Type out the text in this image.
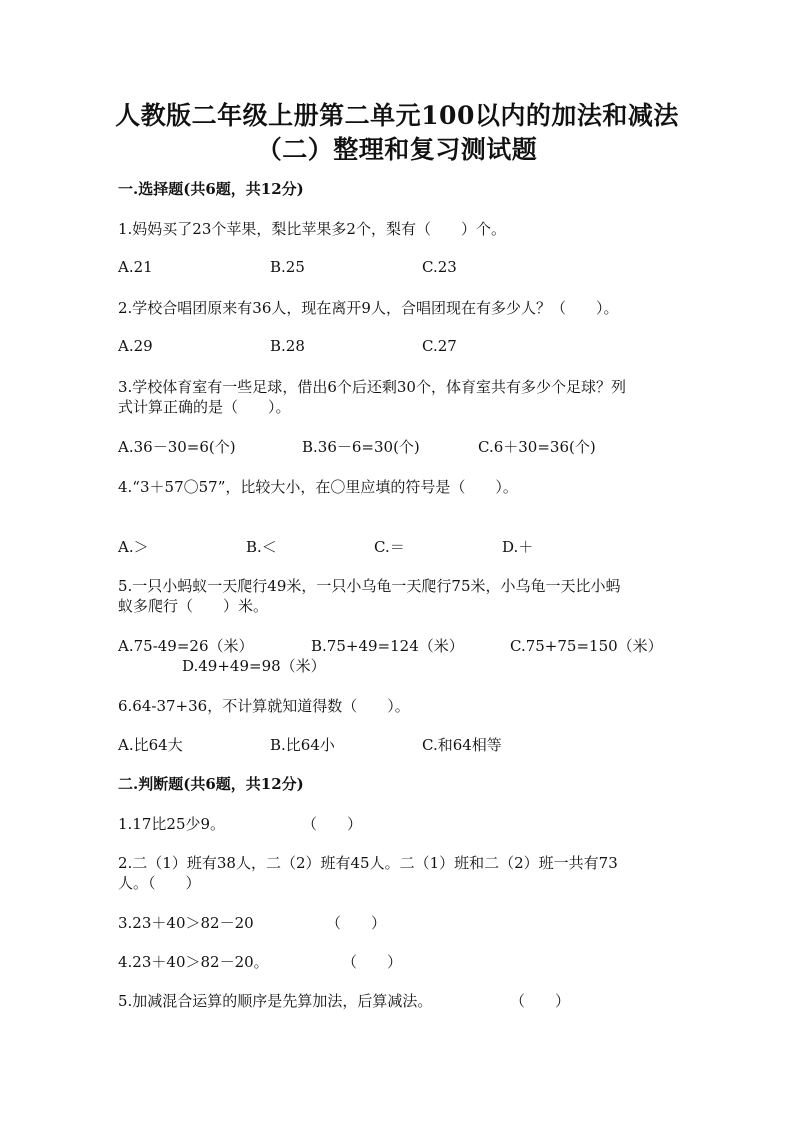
人教版二年级上册第二单元100以内的加法和减法
（二）整理和复习测试题
一.选择题(共6题，共12分)
1.妈妈买了23个苹果，梨比苹果多2个，梨有（　　）个。
A.21	B.25	C.23
2.学校合唱团原来有36人，现在离开9人，合唱团现在有多少人？（　　）。
A.29	B.28	C.27
3.学校体育室有一些足球，借出6个后还剩30个，体育室共有多少个足球？列
式计算正确的是（　　）。
A.36－30=6(个)	B.36－6=30(个)	C.6＋30=36(个)
4.“3＋57〇57”，比较大小，在〇里应填的符号是（　　）。
A.＞	B.＜	C.＝	D.＋
5.一只小蚂蚁一天爬行49米，一只小乌龟一天爬行75米，小乌龟一天比小蚂
蚁多爬行（　　）米。
A.75-49=26（米）	B.75+49=124（米）	C.75+75=150（米）
D.49+49=98（米）
6.64-37+36，不计算就知道得数（　　）。
A.比64大	B.比64小	C.和64相等
二.判断题(共6题，共12分)
1.17比25少9。	（　　）
2.二（1）班有38人，二（2）班有45人。二（1）班和二（2）班一共有73
人。（　　）
3.23＋40＞82－20	（　　）
4.23＋40＞82－20。	（　　）
5.加减混合运算的顺序是先算加法，后算减法。	（　　）
